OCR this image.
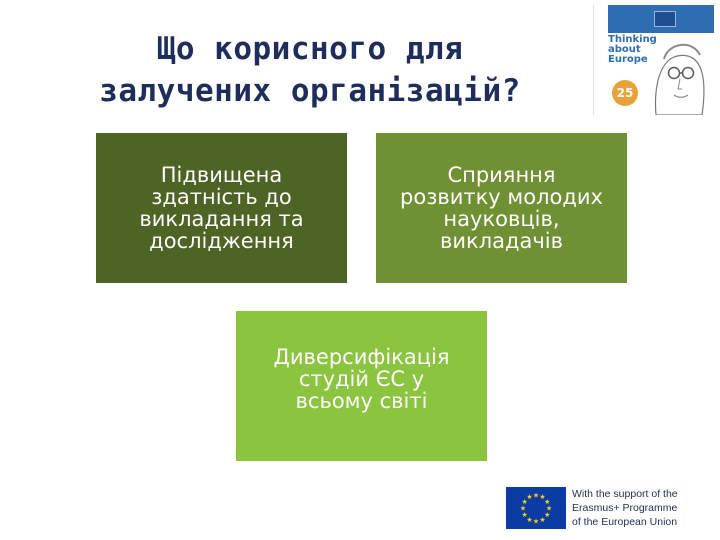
Що корисного для
залучених організацій?
Thinking
about
Europe
25
Підвищена
здатність до
викладання та
дослідження
Сприяння
розвитку молодих
науковців,
викладачів
Диверсифікація
студій ЄС у
всьому світі
★ ★
★
★
★
★
★
★
★
★
★
★	With the support of the
Erasmus+ Programme
of the European Union
